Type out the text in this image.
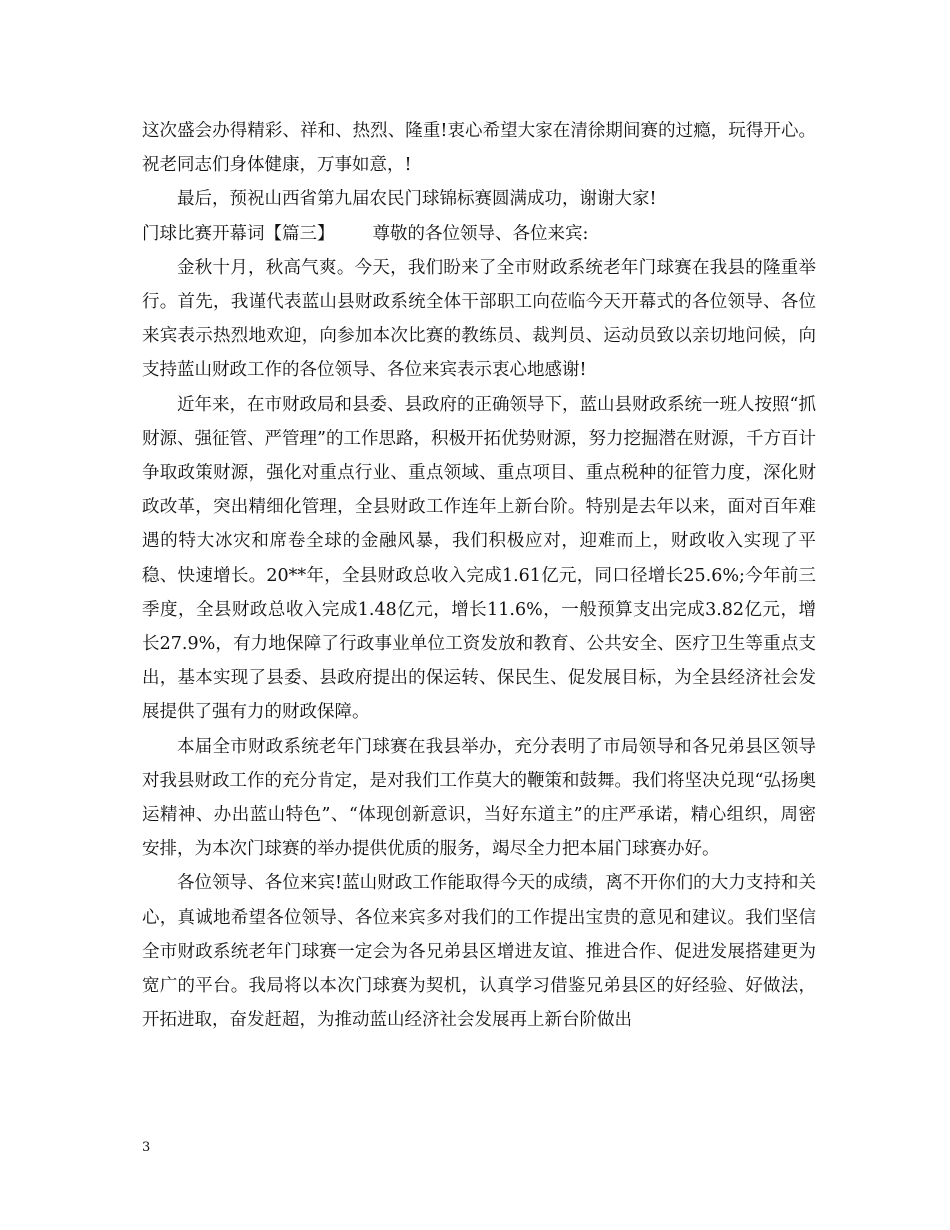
这次盛会办得精彩、祥和、热烈、隆重!衷心希望大家在清徐期间赛的过瘾，玩得开心。祝老同志们身体健康，万事如意，!

最后，预祝山西省第九届农民门球锦标赛圆满成功，谢谢大家!

门球比赛开幕词【篇三】 尊敬的各位领导、各位来宾:

金秋十月，秋高气爽。今天，我们盼来了全市财政系统老年门球赛在我县的隆重举行。首先，我谨代表蓝山县财政系统全体干部职工向莅临今天开幕式的各位领导、各位来宾表示热烈地欢迎，向参加本次比赛的教练员、裁判员、运动员致以亲切地问候，向支持蓝山财政工作的各位领导、各位来宾表示衷心地感谢!

近年来，在市财政局和县委、县政府的正确领导下，蓝山县财政系统一班人按照“抓财源、强征管、严管理”的工作思路，积极开拓优势财源，努力挖掘潜在财源，千方百计争取政策财源，强化对重点行业、重点领域、重点项目、重点税种的征管力度，深化财政改革，突出精细化管理，全县财政工作连年上新台阶。特别是去年以来，面对百年难遇的特大冰灾和席卷全球的金融风暴，我们积极应对，迎难而上，财政收入实现了平稳、快速增长。20**年，全县财政总收入完成1.61亿元，同口径增长25.6%;今年前三季度，全县财政总收入完成1.48亿元，增长11.6%，一般预算支出完成3.82亿元，增长27.9%，有力地保障了行政事业单位工资发放和教育、公共安全、医疗卫生等重点支出，基本实现了县委、县政府提出的保运转、保民生、促发展目标，为全县经济社会发展提供了强有力的财政保障。

本届全市财政系统老年门球赛在我县举办，充分表明了市局领导和各兄弟县区领导对我县财政工作的充分肯定，是对我们工作莫大的鞭策和鼓舞。我们将坚决兑现“弘扬奥运精神、办出蓝山特色”、“体现创新意识，当好东道主”的庄严承诺，精心组织，周密安排，为本次门球赛的举办提供优质的服务，竭尽全力把本届门球赛办好。

各位领导、各位来宾!蓝山财政工作能取得今天的成绩，离不开你们的大力支持和关心，真诚地希望各位领导、各位来宾多对我们的工作提出宝贵的意见和建议。我们坚信全市财政系统老年门球赛一定会为各兄弟县区增进友谊、推进合作、促进发展搭建更为宽广的平台。我局将以本次门球赛为契机，认真学习借鉴兄弟县区的好经验、好做法，开拓进取，奋发赶超，为推动蓝山经济社会发展再上新台阶做出

3
